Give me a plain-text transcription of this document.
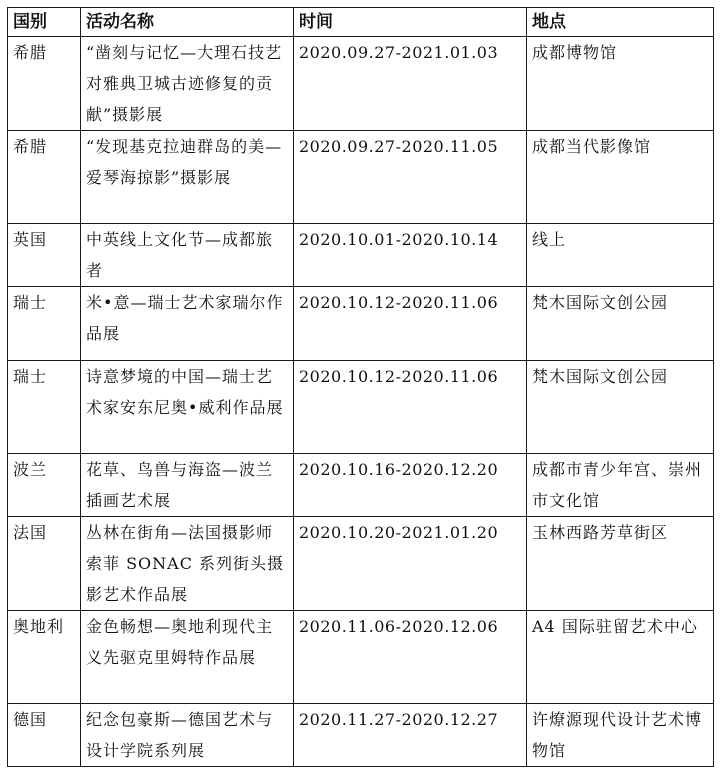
国别	活动名称	时间	地点
希腊	“凿刻与记忆—大理石技艺对雅典卫城古迹修复的贡献”摄影展	2020.09.27-2021.01.03	成都博物馆
希腊	“发现基克拉迪群岛的美—爱琴海掠影”摄影展	2020.09.27-2020.11.05	成都当代影像馆
英国	中英线上文化节—成都旅者	2020.10.01-2020.10.14	线上
瑞士	米•意—瑞士艺术家瑞尔作品展	2020.10.12-2020.11.06	梵木国际文创公园
瑞士	诗意梦境的中国—瑞士艺术家安东尼奥•威利作品展	2020.10.12-2020.11.06	梵木国际文创公园
波兰	花草、鸟兽与海盗—波兰插画艺术展	2020.10.16-2020.12.20	成都市青少年宫、崇州市文化馆
法国	丛林在街角—法国摄影师索菲 SONAC 系列街头摄影艺术作品展	2020.10.20-2021.01.20	玉林西路芳草街区
奥地利	金色畅想—奥地利现代主义先驱克里姆特作品展	2020.11.06-2020.12.06	A4 国际驻留艺术中心
德国	纪念包豪斯—德国艺术与设计学院系列展	2020.11.27-2020.12.27	许燎源现代设计艺术博物馆
